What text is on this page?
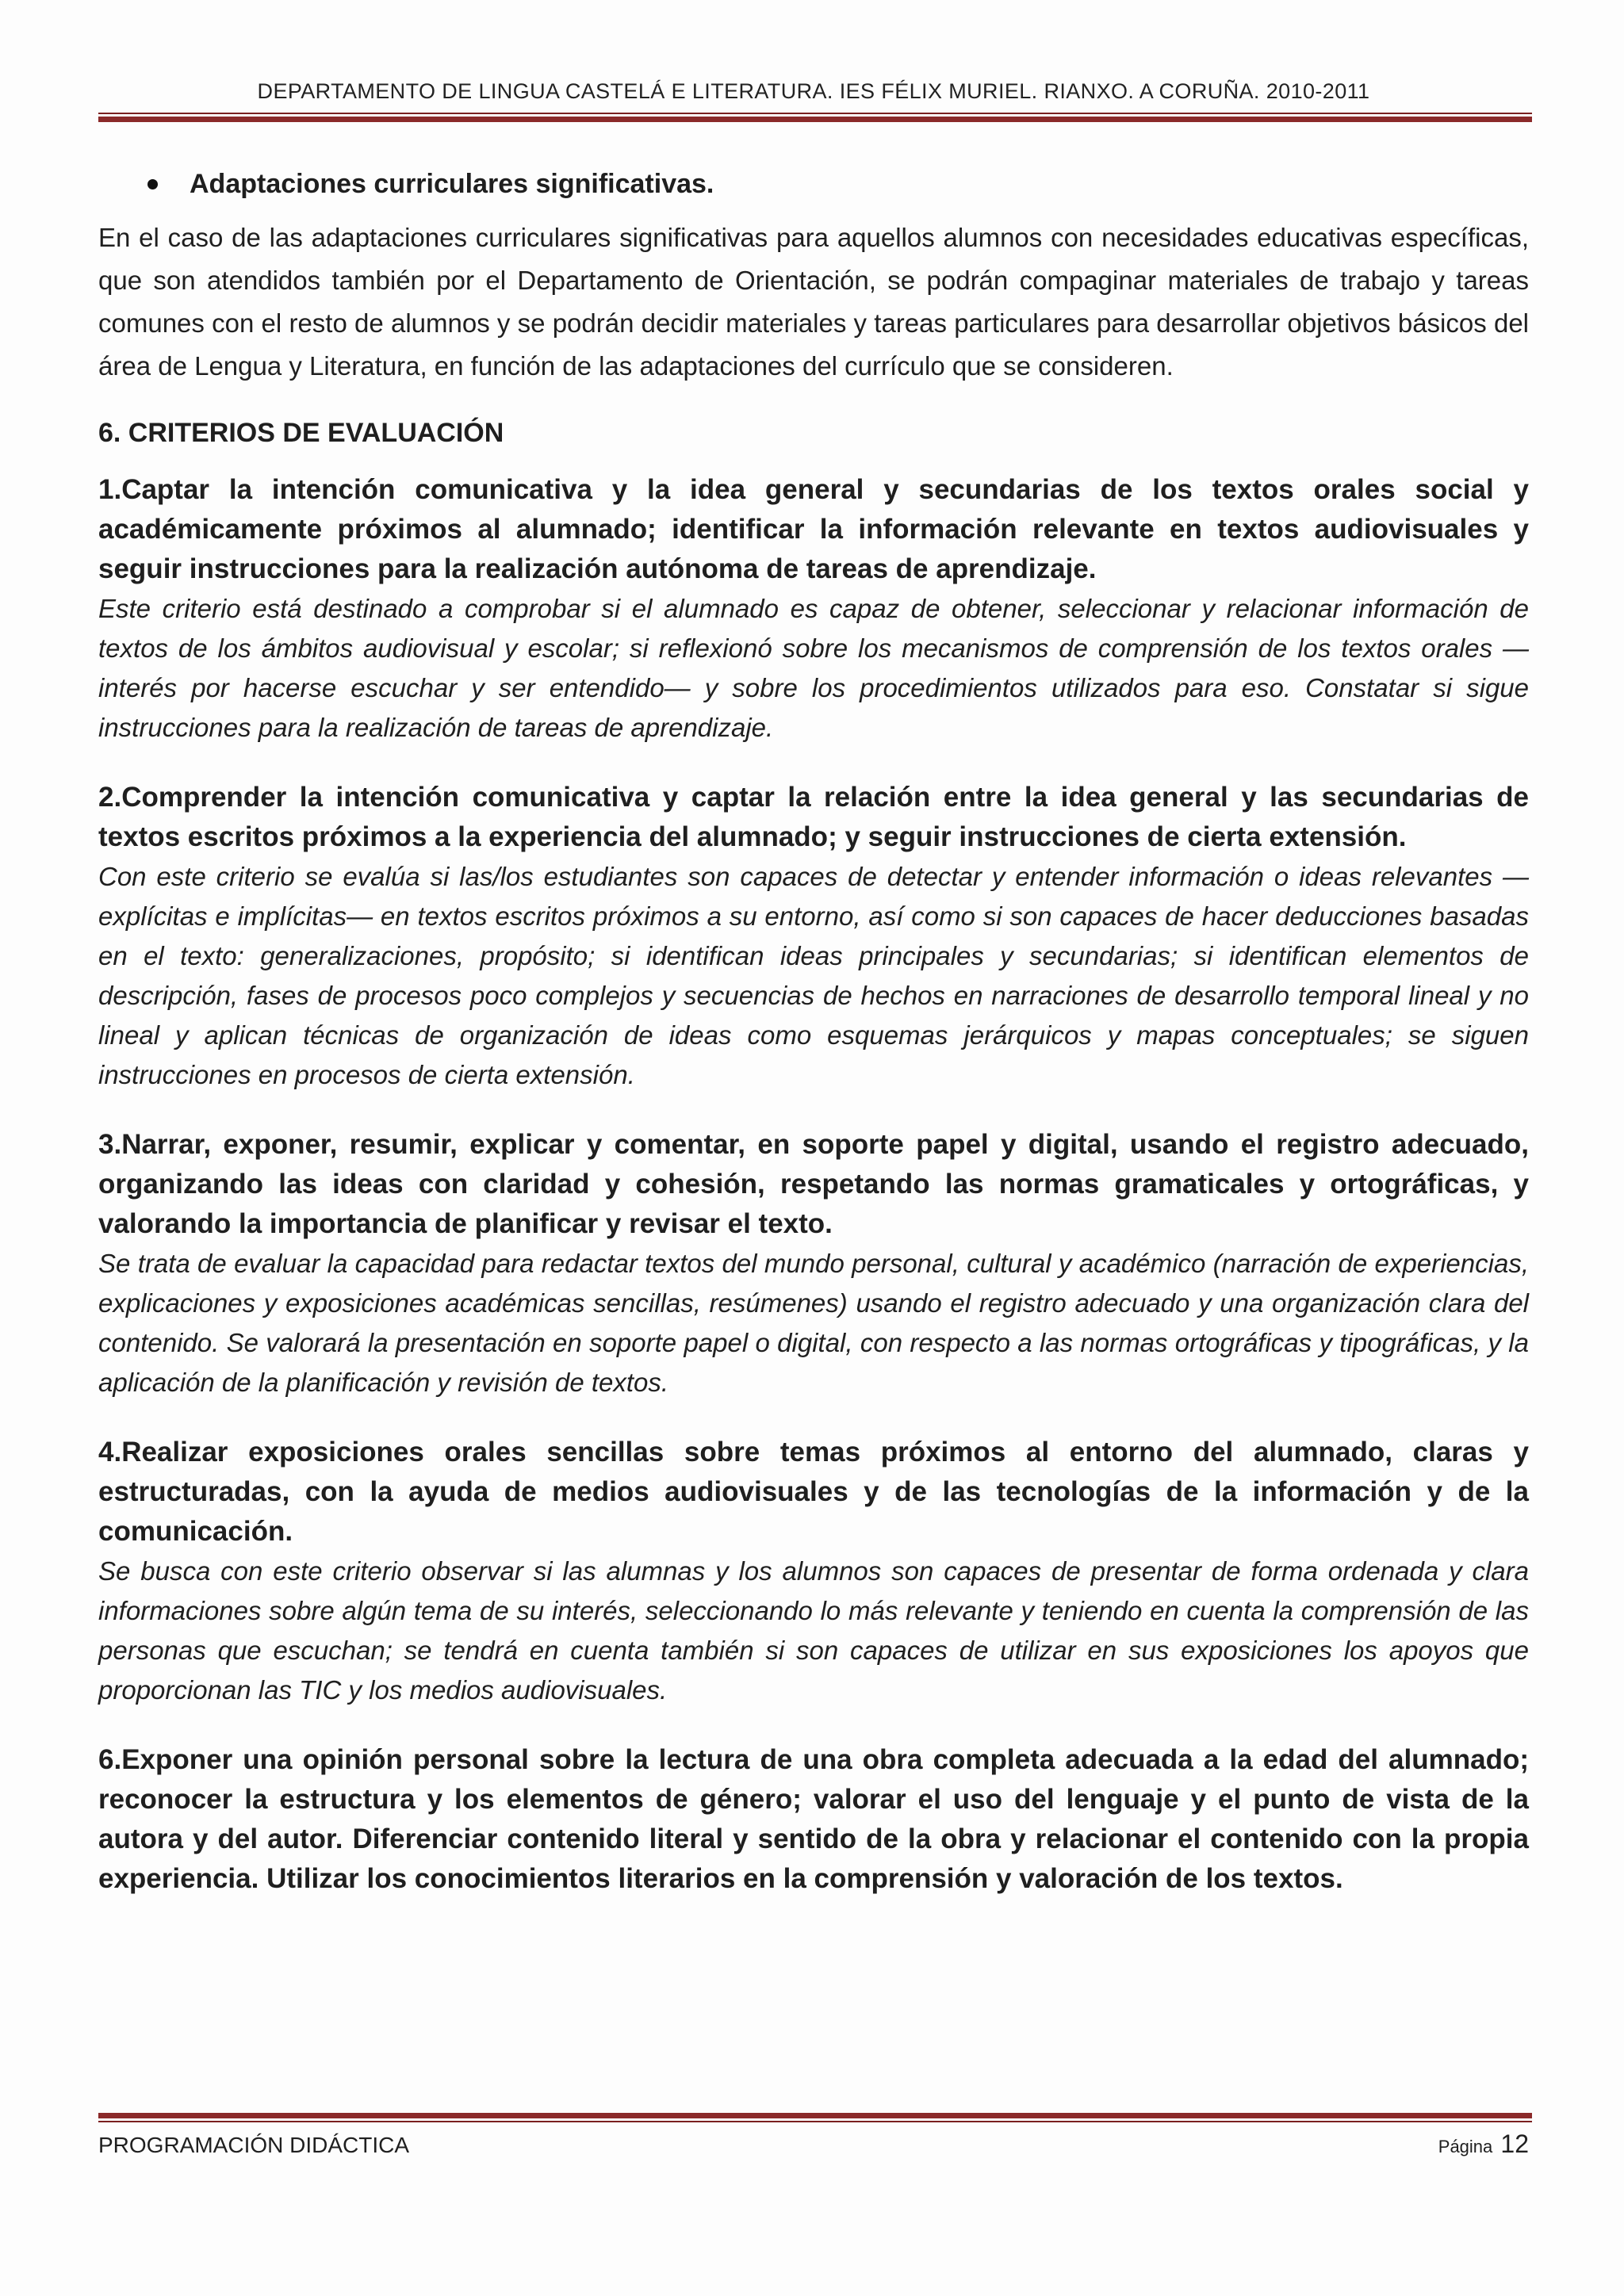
DEPARTAMENTO DE LINGUA CASTELÁ E LITERATURA. IES FÉLIX MURIEL. RIANXO. A CORUÑA. 2010-2011
Adaptaciones curriculares significativas.
En el caso de las adaptaciones curriculares significativas para aquellos alumnos con necesidades educativas específicas, que son atendidos también por el Departamento de Orientación, se podrán compaginar materiales de trabajo y tareas comunes con el resto de alumnos y se podrán decidir materiales y tareas particulares para desarrollar objetivos básicos del área de Lengua y Literatura, en función de las adaptaciones del currículo que se consideren.
6. CRITERIOS DE EVALUACIÓN
1.Captar la intención comunicativa y la idea general y secundarias de los textos orales social y académicamente próximos al alumnado; identificar la información relevante en textos audiovisuales y seguir instrucciones para la realización autónoma de tareas de aprendizaje.
Este criterio está destinado a comprobar si el alumnado es capaz de obtener, seleccionar y relacionar información de textos de los ámbitos audiovisual y escolar; si reflexionó sobre los mecanismos de comprensión de los textos orales —interés por hacerse escuchar y ser entendido— y sobre los procedimientos utilizados para eso. Constatar si sigue instrucciones para la realización de tareas de aprendizaje.
2.Comprender la intención comunicativa y captar la relación entre la idea general y las secundarias de textos escritos próximos a la experiencia del alumnado; y seguir instrucciones de cierta extensión.
Con este criterio se evalúa si las/los estudiantes son capaces de detectar y entender información o ideas relevantes —explícitas e implícitas— en textos escritos próximos a su entorno, así como si son capaces de hacer deducciones basadas en el texto: generalizaciones, propósito; si identifican ideas principales y secundarias; si identifican elementos de descripción, fases de procesos poco complejos y secuencias de hechos en narraciones de desarrollo temporal lineal y no lineal y aplican técnicas de organización de ideas como esquemas jerárquicos y mapas conceptuales; se siguen instrucciones en procesos de cierta extensión.
3.Narrar, exponer, resumir, explicar y comentar, en soporte papel y digital, usando el registro adecuado, organizando las ideas con claridad y cohesión, respetando las normas gramaticales y ortográficas, y valorando la importancia de planificar y revisar el texto.
Se trata de evaluar la capacidad para redactar textos del mundo personal, cultural y académico (narración de experiencias, explicaciones y exposiciones académicas sencillas, resúmenes) usando el registro adecuado y una organización clara del contenido. Se valorará la presentación en soporte papel o digital, con respecto a las normas ortográficas y tipográficas, y la aplicación de la planificación y revisión de textos.
4.Realizar exposiciones orales sencillas sobre temas próximos al entorno del alumnado, claras y estructuradas, con la ayuda de medios audiovisuales y de las tecnologías de la información y de la comunicación.
Se busca con este criterio observar si las alumnas y los alumnos son capaces de presentar de forma ordenada y clara informaciones sobre algún tema de su interés, seleccionando lo más relevante y teniendo en cuenta la comprensión de las personas que escuchan; se tendrá en cuenta también si son capaces de utilizar en sus exposiciones los apoyos que proporcionan las TIC y los medios audiovisuales.
6.Exponer una opinión personal sobre la lectura de una obra completa adecuada a la edad del alumnado; reconocer la estructura y los elementos de género; valorar el uso del lenguaje y el punto de vista de la autora y del autor. Diferenciar contenido literal y sentido de la obra y relacionar el contenido con la propia experiencia. Utilizar los conocimientos literarios en la comprensión y valoración de los textos.
PROGRAMACIÓN DIDÁCTICA	Página 12
